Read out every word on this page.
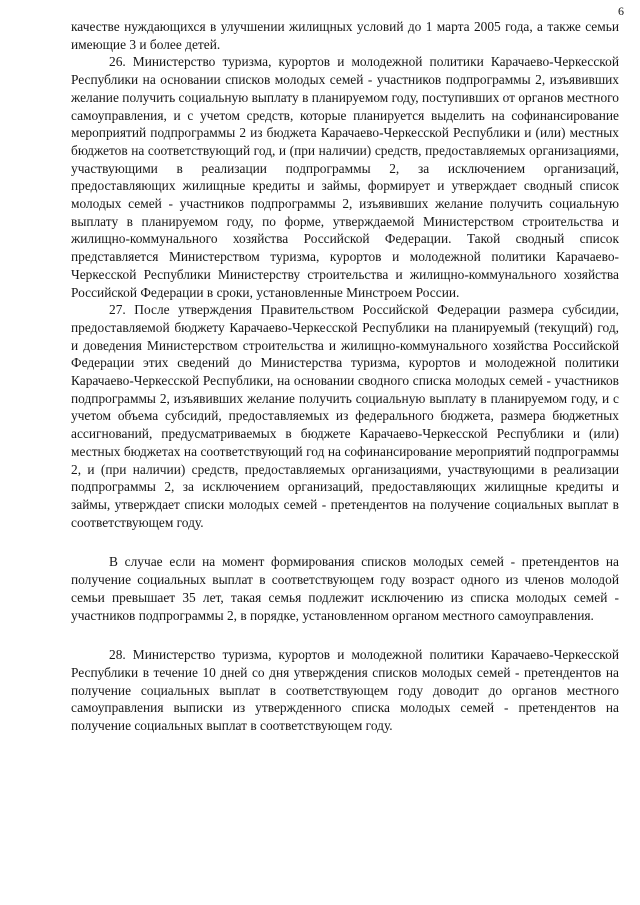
6

качестве нуждающихся в улучшении жилищных условий до 1 марта 2005 года, а также семьи имеющие 3 и более детей.

26. Министерство туризма, курортов и молодежной политики Карачаево-Черкесской Республики на основании списков молодых семей - участников подпрограммы 2, изъявивших желание получить социальную выплату в планируемом году, поступивших от органов местного самоуправления, и с учетом средств, которые планируется выделить на софинансирование мероприятий подпрограммы 2 из бюджета Карачаево-Черкесской Республики и (или) местных бюджетов на соответствующий год, и (при наличии) средств, предоставляемых организациями, участвующими в реализации подпрограммы 2, за исключением организаций, предоставляющих жилищные кредиты и займы, формирует и утверждает сводный список молодых семей - участников подпрограммы 2, изъявивших желание получить социальную выплату в планируемом году, по форме, утверждаемой Министерством строительства и жилищно-коммунального хозяйства Российской Федерации. Такой сводный список представляется Министерством туризма, курортов и молодежной политики Карачаево-Черкесской Республики Министерству строительства и жилищно-коммунального хозяйства Российской Федерации в сроки, установленные Минстроем России.

27. После утверждения Правительством Российской Федерации размера субсидии, предоставляемой бюджету Карачаево-Черкесской Республики на планируемый (текущий) год, и доведения Министерством строительства и жилищно-коммунального хозяйства Российской Федерации этих сведений до Министерства туризма, курортов и молодежной политики Карачаево-Черкесской Республики, на основании сводного списка молодых семей - участников подпрограммы 2, изъявивших желание получить социальную выплату в планируемом году, и с учетом объема субсидий, предоставляемых из федерального бюджета, размера бюджетных ассигнований, предусматриваемых в бюджете Карачаево-Черкесской Республики и (или) местных бюджетах на соответствующий год на софинансирование мероприятий подпрограммы 2, и (при наличии) средств, предоставляемых организациями, участвующими в реализации подпрограммы 2, за исключением организаций, предоставляющих жилищные кредиты и займы, утверждает списки молодых семей - претендентов на получение социальных выплат в соответствующем году.

В случае если на момент формирования списков молодых семей - претендентов на получение социальных выплат в соответствующем году возраст одного из членов молодой семьи превышает 35 лет, такая семья подлежит исключению из списка молодых семей - участников подпрограммы 2, в порядке, установленном органом местного самоуправления.

28. Министерство туризма, курортов и молодежной политики Карачаево-Черкесской Республики в течение 10 дней со дня утверждения списков молодых семей - претендентов на получение социальных выплат в соответствующем году доводит до органов местного самоуправления выписки из утвержденного списка молодых семей - претендентов на получение социальных выплат в соответствующем году.
